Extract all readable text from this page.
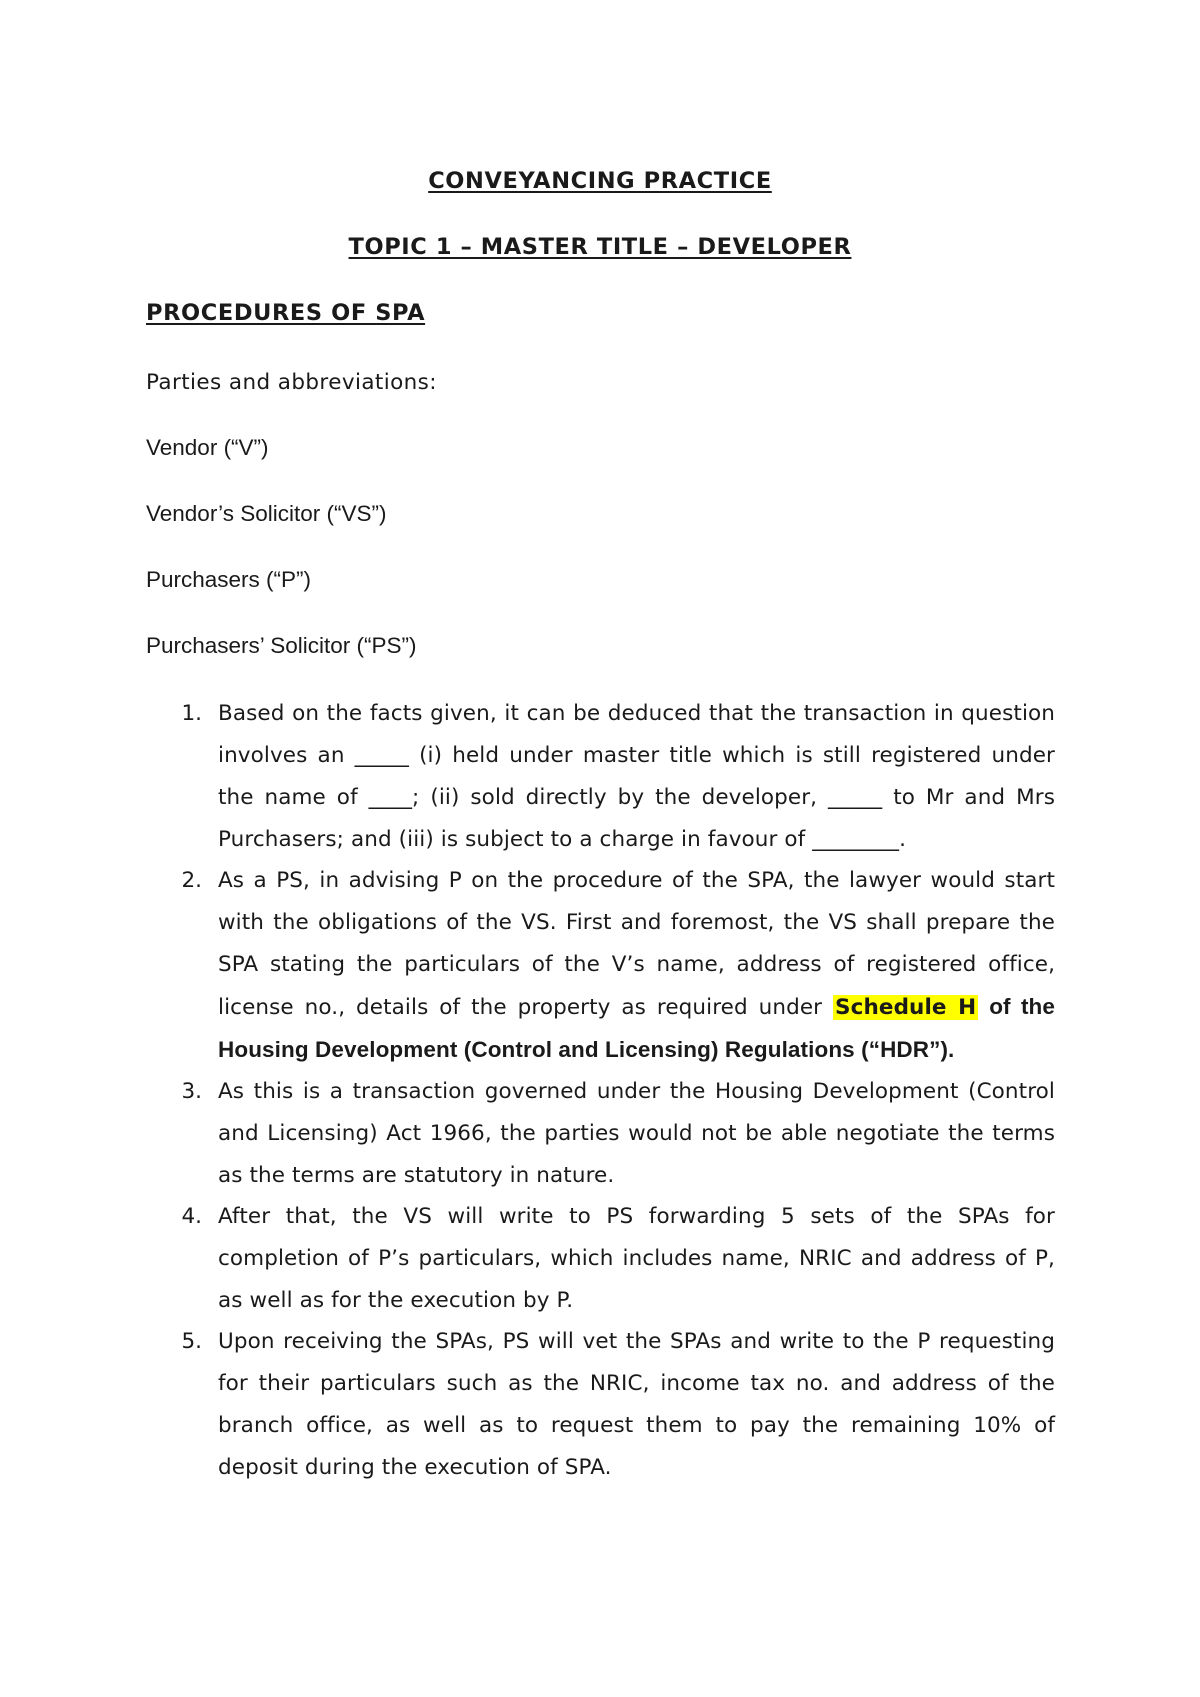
CONVEYANCING PRACTICE
TOPIC 1 – MASTER TITLE – DEVELOPER
PROCEDURES OF SPA

Parties and abbreviations:

Vendor (“V”)

Vendor’s Solicitor (“VS”)

Purchasers (“P”)

Purchasers’ Solicitor (“PS”)

1. Based on the facts given, it can be deduced that the transaction in question involves an _____ (i) held under master title which is still registered under the name of ____; (ii) sold directly by the developer, _____ to Mr and Mrs Purchasers; and (iii) is subject to a charge in favour of ________.

2. As a PS, in advising P on the procedure of the SPA, the lawyer would start with the obligations of the VS. First and foremost, the VS shall prepare the SPA stating the particulars of the V’s name, address of registered office, license no., details of the property as required under Schedule H of the Housing Development (Control and Licensing) Regulations (“HDR”).

3. As this is a transaction governed under the Housing Development (Control and Licensing) Act 1966, the parties would not be able negotiate the terms as the terms are statutory in nature.

4. After that, the VS will write to PS forwarding 5 sets of the SPAs for completion of P’s particulars, which includes name, NRIC and address of P, as well as for the execution by P.

5. Upon receiving the SPAs, PS will vet the SPAs and write to the P requesting for their particulars such as the NRIC, income tax no. and address of the branch office, as well as to request them to pay the remaining 10% of deposit during the execution of SPA.
